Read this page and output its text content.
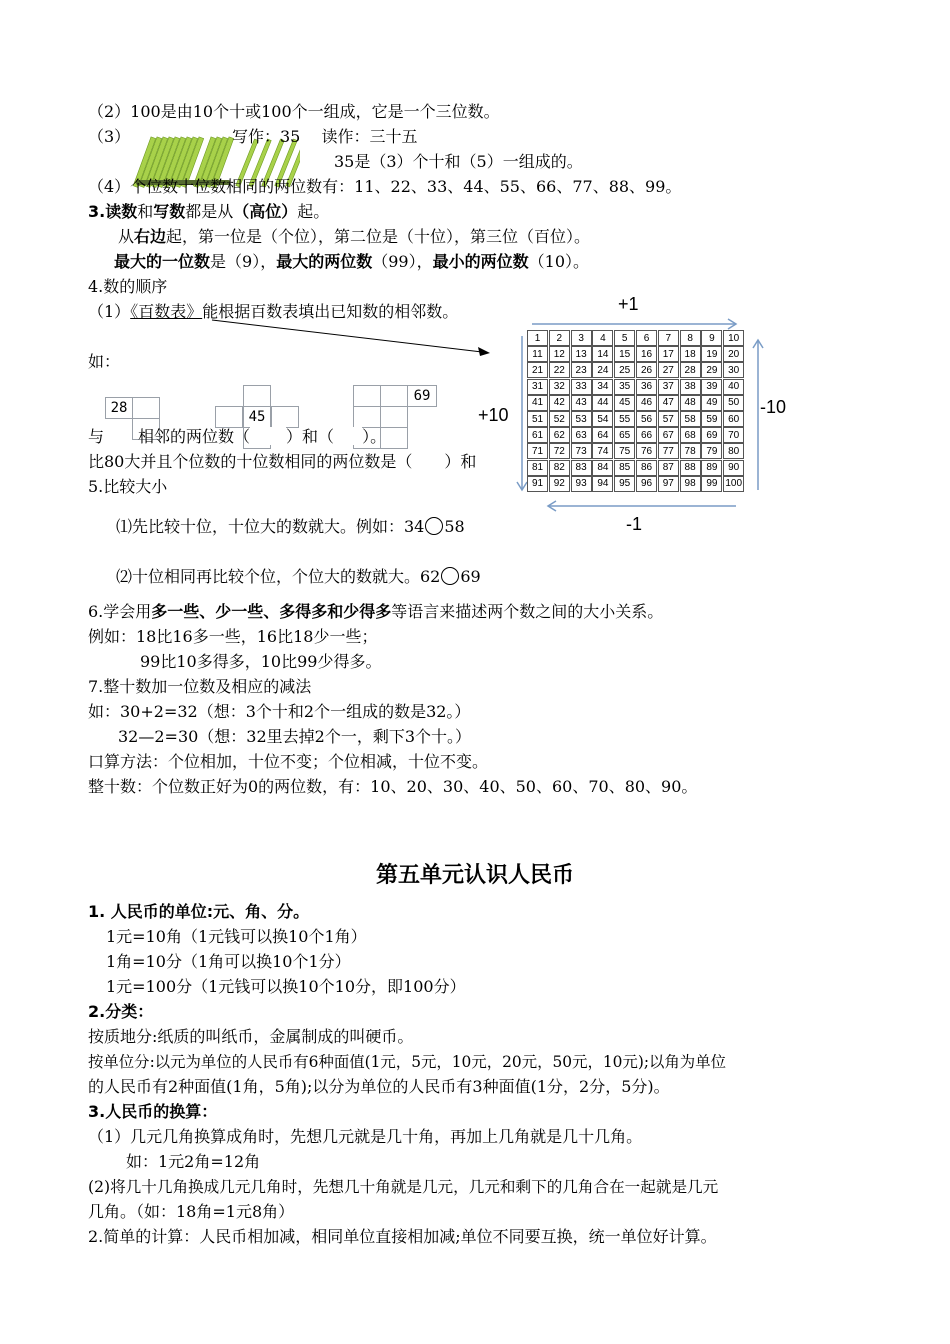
（2）100是由10个十或100个一组成，它是一个三位数。
（3）	写作：35　 读作：三十五
35是（3）个十和（5）一组成的。
（4）个位数十位数相同的两位数有：11、22、33、44、55、66、77、88、99。
3.读数和写数都是从（高位）起。
从右边起，第一位是（个位），第二位是（十位），第三位（百位）。
最大的一位数是（9），最大的两位数（99），最小的两位数（10）。
4.数的顺序
（1）《百数表》能根据百数表填出已知数的相邻数。
如：
28
45
69
与 相邻的两位数（ ）和（ ）。
比80大并且个位数的十位数相同的两位数是（　　）和
+1
-1
+10	-10
1	2	3	4	5	6	7	8	9	10
11	12	13	14	15	16	17	18	19	20
21	22	23	24	25	26	27	28	29	30
31	32	33	34	35	36	37	38	39	40
41	42	43	44	45	46	47	48	49	50
51	52	53	54	55	56	57	58	59	60
61	62	63	64	65	66	67	68	69	70
71	72	73	74	75	76	77	78	79	80
81	82	83	84	85	86	87	88	89	90
91	92	93	94	95	96	97	98	99 100
5.比较大小
⑴先比较十位，十位大的数就大。例如：34 58
⑵十位相同再比较个位，个位大的数就大。62 69
6.学会用多一些、少一些、多得多和少得多等语言来描述两个数之间的大小关系。
例如：18比16多一些，16比18少一些；
99比10多得多，10比99少得多。
7.整十数加一位数及相应的减法
如：30+2=32（想：3个十和2个一组成的数是32。）
32—2=30（想：32里去掉2个一，剩下3个十。）
口算方法：个位相加，十位不变；个位相减，十位不变。
整十数：个位数正好为0的两位数，有：10、20、30、40、50、60、70、80、90。
第五单元认识人民币
1. 人民币的单位:元、角、分。
1元=10角（1元钱可以换10个1角）
1角=10分（1角可以换10个1分）
1元=100分（1元钱可以换10个10分，即100分）
2.分类：
按质地分:纸质的叫纸币，金属制成的叫硬币。
按单位分:以元为单位的人民币有6种面值(1元，5元，10元，20元，50元，10元);以角为单位
的人民币有2种面值(1角，5角);以分为单位的人民币有3种面值(1分，2分，5分)。
3.人民币的换算：
（1）几元几角换算成角时，先想几元就是几十角，再加上几角就是几十几角。
如：1元2角=12角
(2)将几十几角换成几元几角时，先想几十角就是几元，几元和剩下的几角合在一起就是几元
几角。（如：18角=1元8角）
2.简单的计算：人民币相加减，相同单位直接相加减;单位不同要互换，统一单位好计算。
